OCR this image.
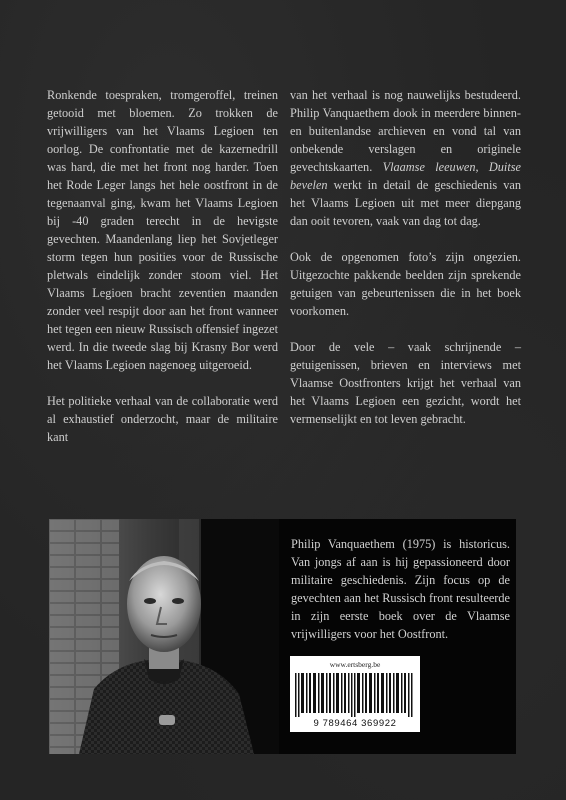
Ronkende toespraken, tromgeroffel, treinen getooid met bloemen. Zo trokken de vrijwilligers van het Vlaams Legioen ten oorlog. De confrontatie met de kazernedrill was hard, die met het front nog harder. Toen het Rode Leger langs het hele oostfront in de tegenaanval ging, kwam het Vlaams Legioen bij -40 graden terecht in de hevigste gevechten. Maandenlang liep het Sovjetleger storm tegen hun posities voor de Russische pletwals eindelijk zonder stoom viel. Het Vlaams Legioen bracht zeventien maanden zonder veel respijt door aan het front wanneer het tegen een nieuw Russisch offensief ingezet werd. In die tweede slag bij Krasny Bor werd het Vlaams Legioen nagenoeg uitgeroeid.

Het politieke verhaal van de collaboratie werd al exhaustief onderzocht, maar de militaire kant

van het verhaal is nog nauwelijks bestudeerd. Philip Vanquaethem dook in meerdere binnen- en buitenlandse archieven en vond tal van onbekende verslagen en originele gevechtskaarten. Vlaamse leeuwen, Duitse bevelen werkt in detail de geschiedenis van het Vlaams Legioen uit met meer diepgang dan ooit tevoren, vaak van dag tot dag.

Ook de opgenomen foto’s zijn ongezien. Uitgezochte pakkende beelden zijn sprekende getuigen van gebeurtenissen die in het boek voorkomen.

Door de vele – vaak schrijnende – getuigenissen, brieven en interviews met Vlaamse Oostfronters krijgt het verhaal van het Vlaams Legioen een gezicht, wordt het vermenselijkt en tot leven gebracht.

Philip Vanquaethem (1975) is historicus. Van jongs af aan is hij gepassioneerd door militaire geschiedenis. Zijn focus op de gevechten aan het Russisch front resulteerde in zijn eerste boek over de Vlaamse vrijwilligers voor het Oostfront.
www.ertsberg.be
9 789464 369922
